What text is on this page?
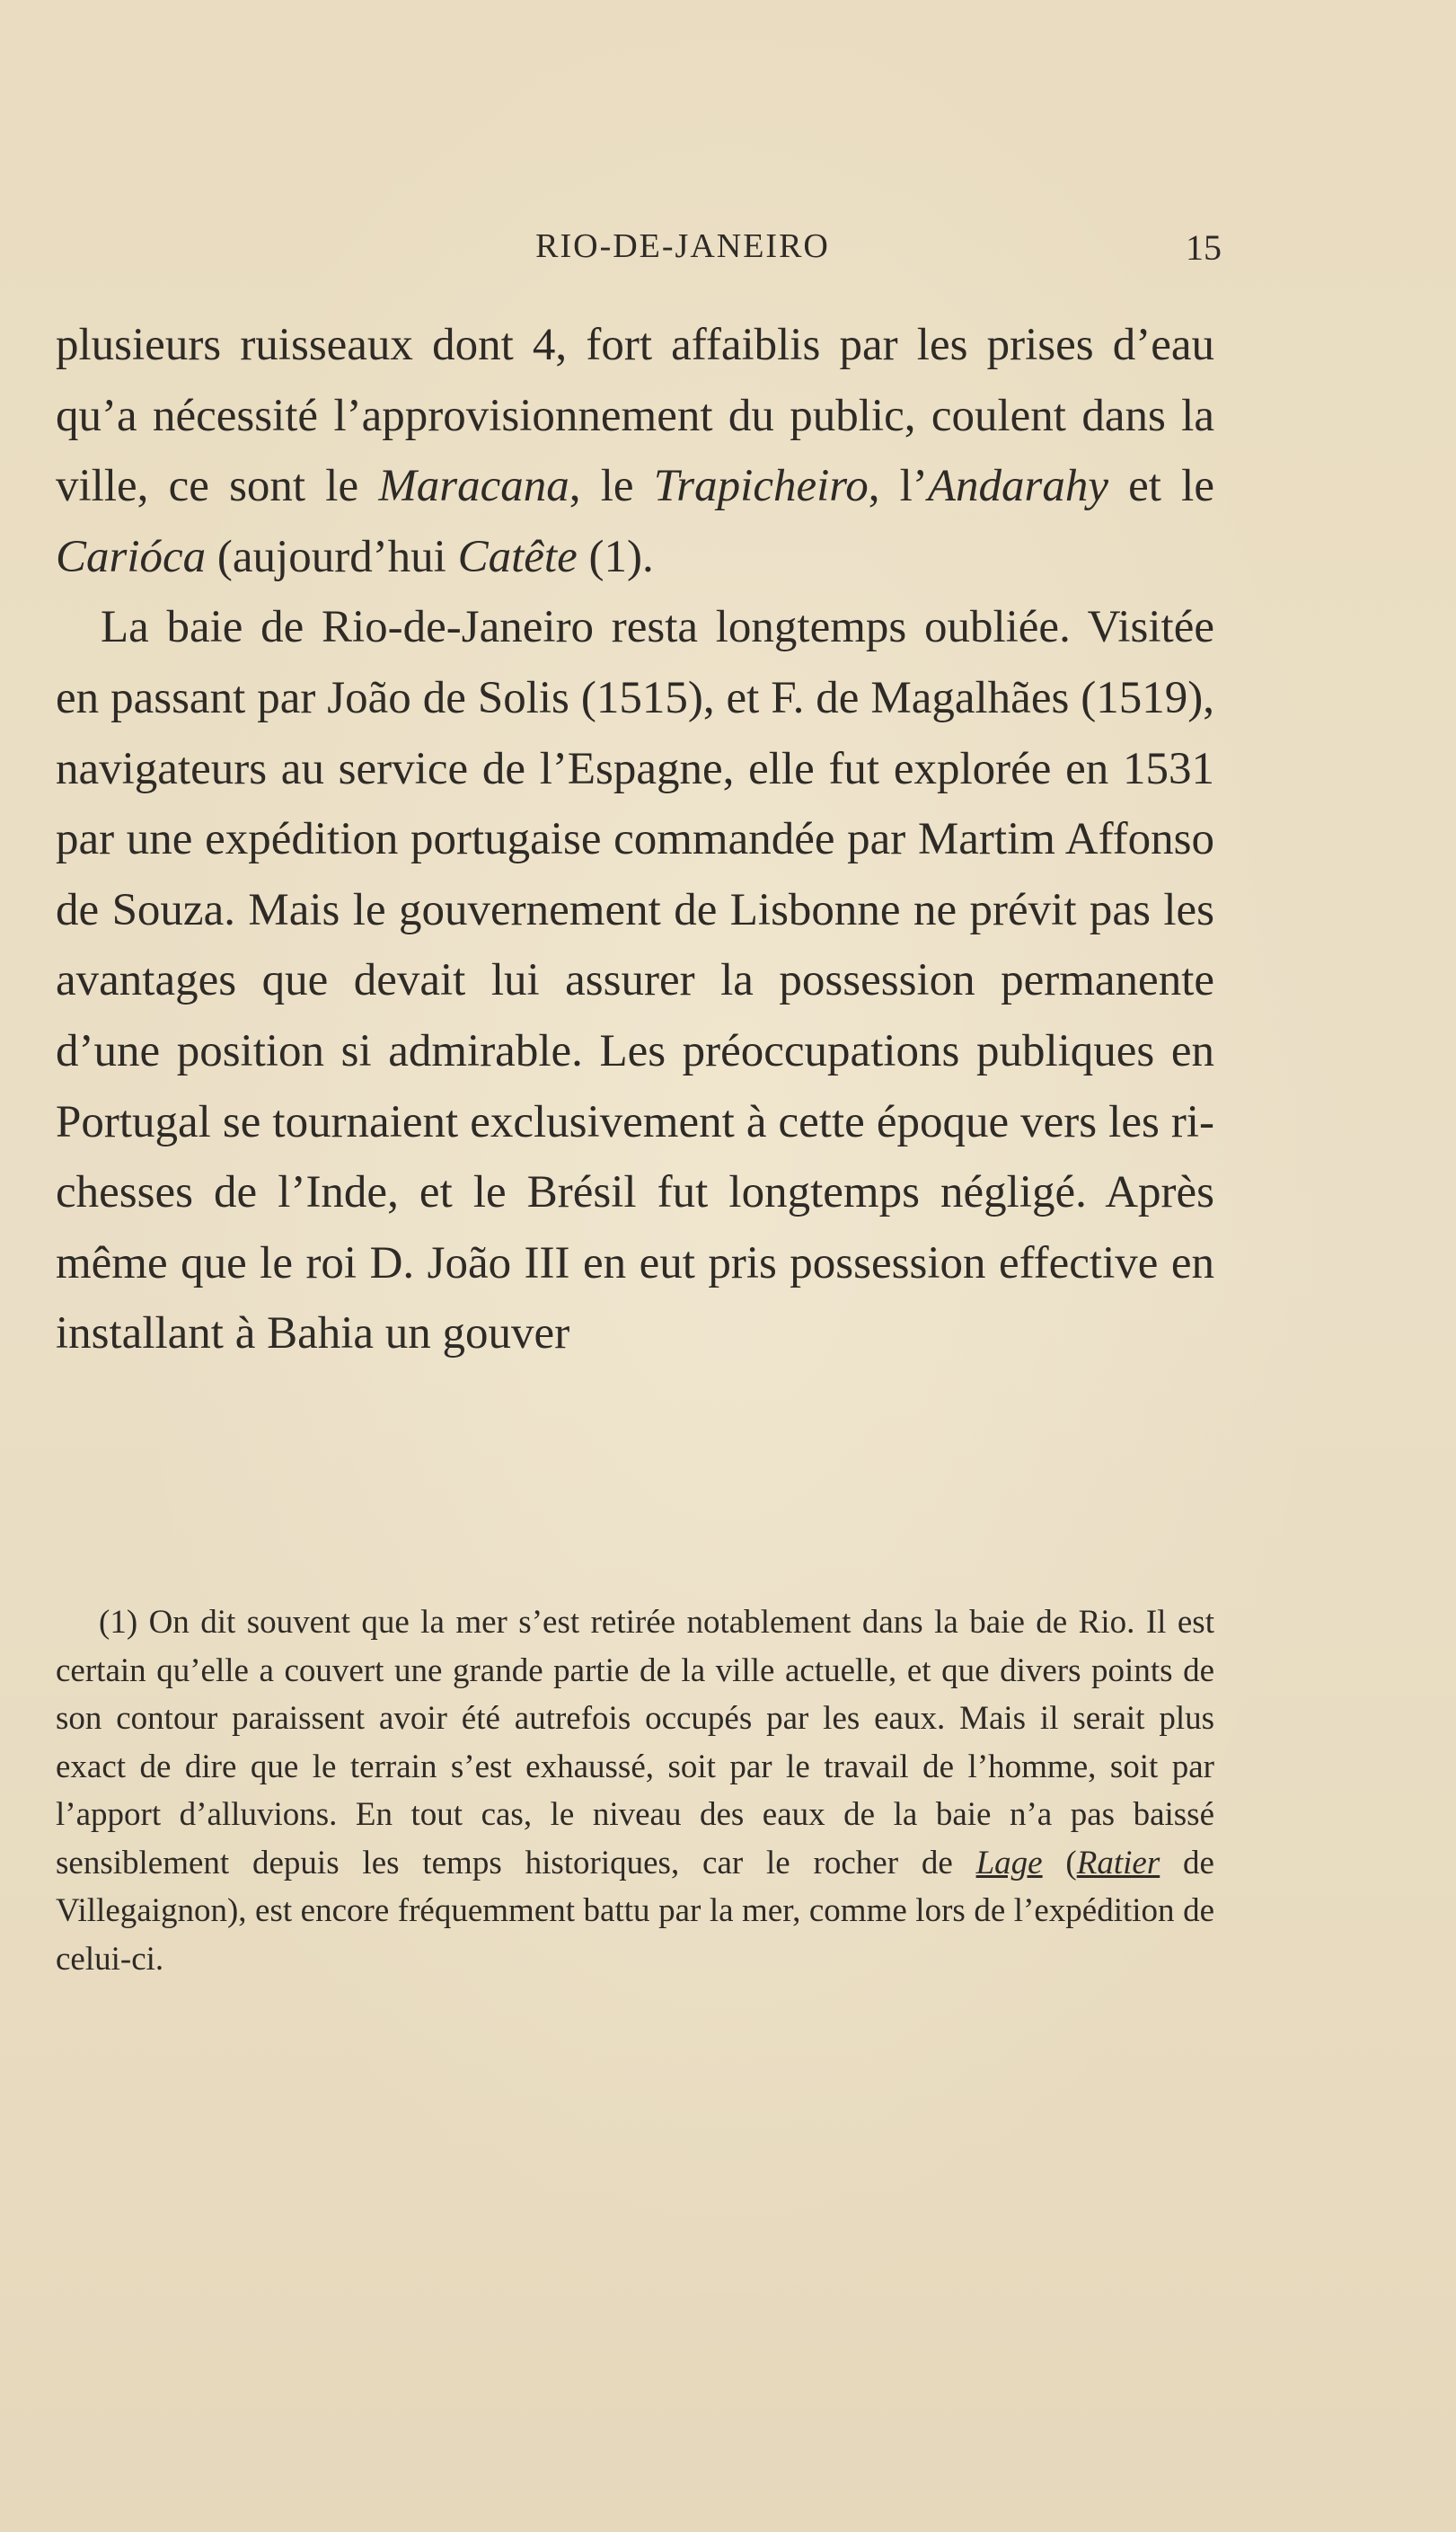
RIO-DE-JANEIRO	15

plusieurs ruisseaux dont 4, fort affaiblis par les prises d’eau qu’a nécessité l’approvisionnement du public, coulent dans la ville, ce sont le Maracana, le Trapicheiro, l’Andarahy et le Carióca (aujourd’hui Catête (1).

La baie de Rio-de-Janeiro resta longtemps oubliée. Visitée en passant par João de Solis (1515), et F. de Magalhães (1519), navigateurs au service de l’Espagne, elle fut explorée en 1531 par une expédition portugaise commandée par Martim Affonso de Souza. Mais le gouvernement de Lisbonne ne prévit pas les avantages que devait lui assurer la possession permanente d’une position si admirable. Les préoccupations publiques en Portugal se tournaient exclusivement à cette époque vers les richesses de l’Inde, et le Brésil fut longtemps négligé. Après même que le roi D. João III en eut pris possession effective en installant à Bahia un gouver

(1) On dit souvent que la mer s’est retirée notablement dans la baie de Rio. Il est certain qu’elle a couvert une grande partie de la ville actuelle, et que divers points de son contour paraissent avoir été autrefois occupés par les eaux. Mais il serait plus exact de dire que le terrain s’est exhaussé, soit par le travail de l’homme, soit par l’apport d’alluvions. En tout cas, le niveau des eaux de la baie n’a pas baissé sensiblement depuis les temps historiques, car le rocher de Lage (Ratier de Villegaignon), est encore fréquemment battu par la mer, comme lors de l’expédition de celui-ci.
